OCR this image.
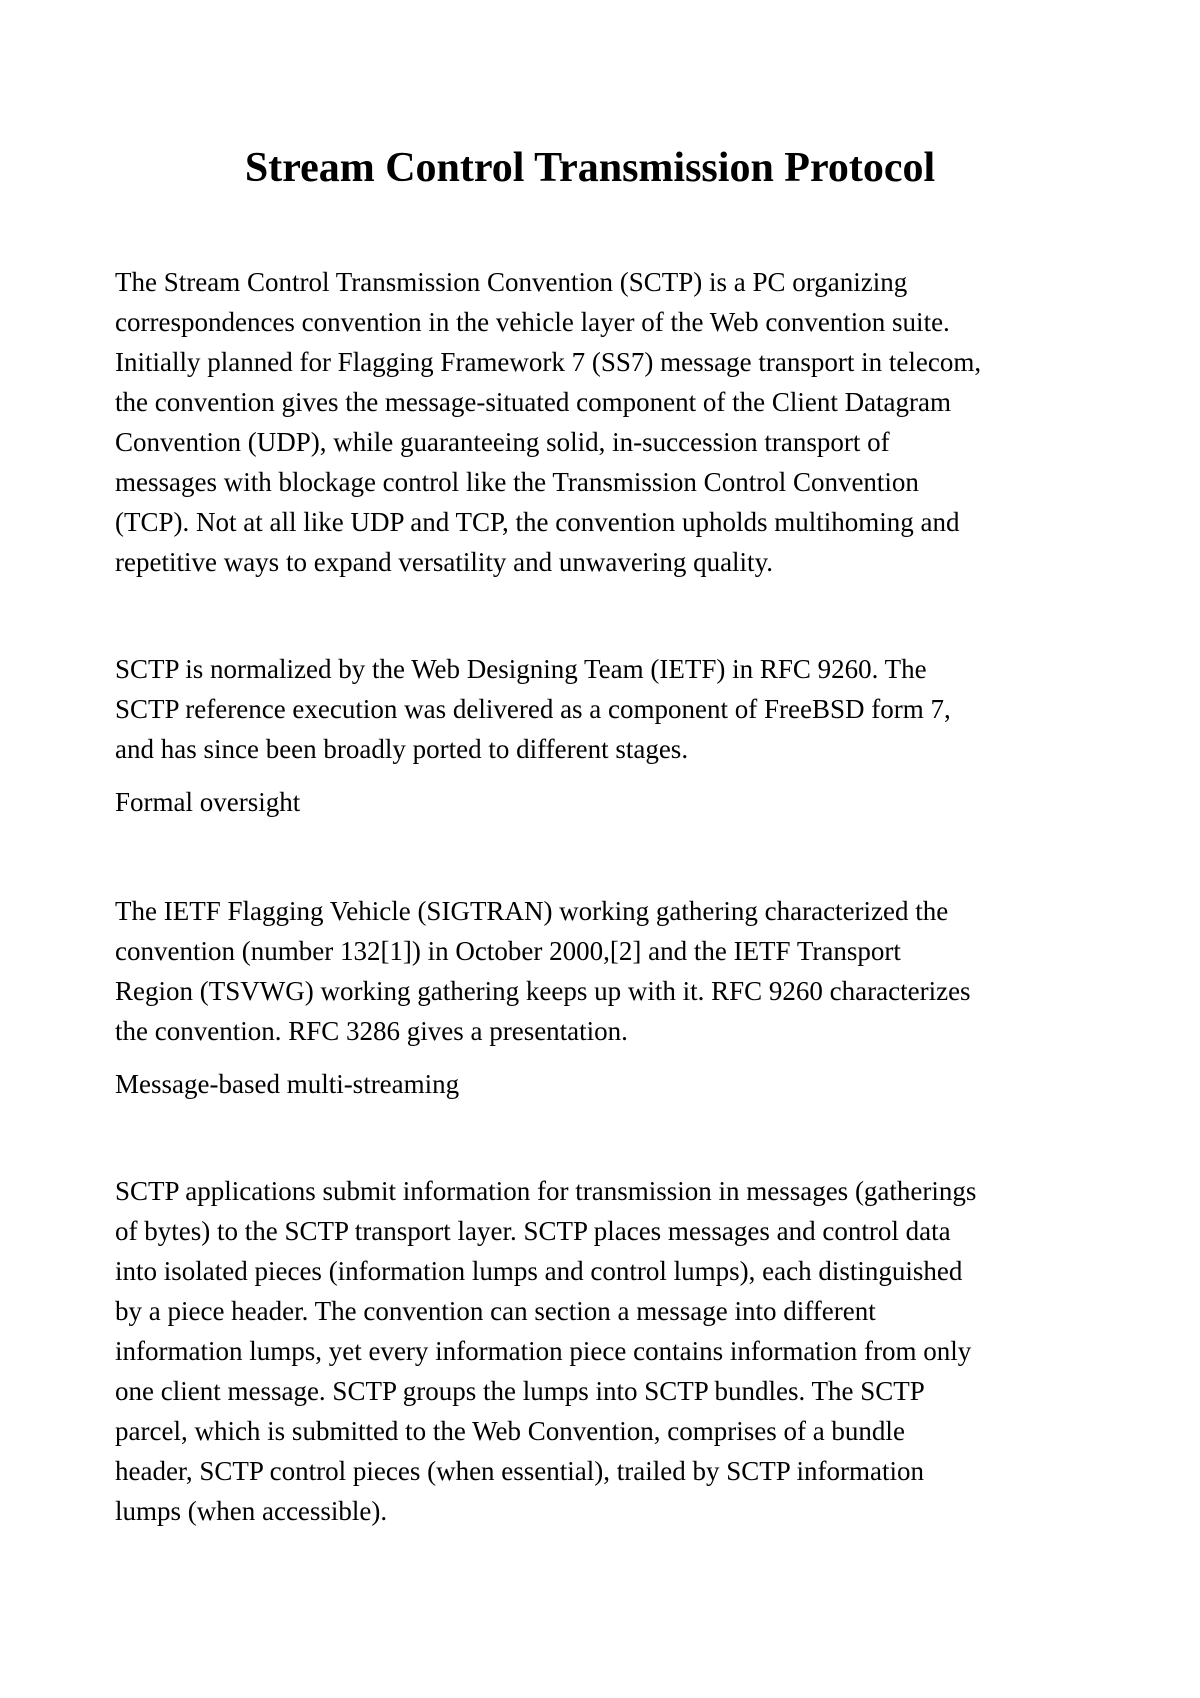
Stream Control Transmission Protocol

The Stream Control Transmission Convention (SCTP) is a PC organizing
correspondences convention in the vehicle layer of the Web convention suite.
Initially planned for Flagging Framework 7 (SS7) message transport in telecom,
the convention gives the message-situated component of the Client Datagram
Convention (UDP), while guaranteeing solid, in-succession transport of
messages with blockage control like the Transmission Control Convention
(TCP). Not at all like UDP and TCP, the convention upholds multihoming and
repetitive ways to expand versatility and unwavering quality.

SCTP is normalized by the Web Designing Team (IETF) in RFC 9260. The
SCTP reference execution was delivered as a component of FreeBSD form 7,
and has since been broadly ported to different stages.

Formal oversight

The IETF Flagging Vehicle (SIGTRAN) working gathering characterized the
convention (number 132[1]) in October 2000,[2] and the IETF Transport
Region (TSVWG) working gathering keeps up with it. RFC 9260 characterizes
the convention. RFC 3286 gives a presentation.

Message-based multi-streaming

SCTP applications submit information for transmission in messages (gatherings
of bytes) to the SCTP transport layer. SCTP places messages and control data
into isolated pieces (information lumps and control lumps), each distinguished
by a piece header. The convention can section a message into different
information lumps, yet every information piece contains information from only
one client message. SCTP groups the lumps into SCTP bundles. The SCTP
parcel, which is submitted to the Web Convention, comprises of a bundle
header, SCTP control pieces (when essential), trailed by SCTP information
lumps (when accessible).
